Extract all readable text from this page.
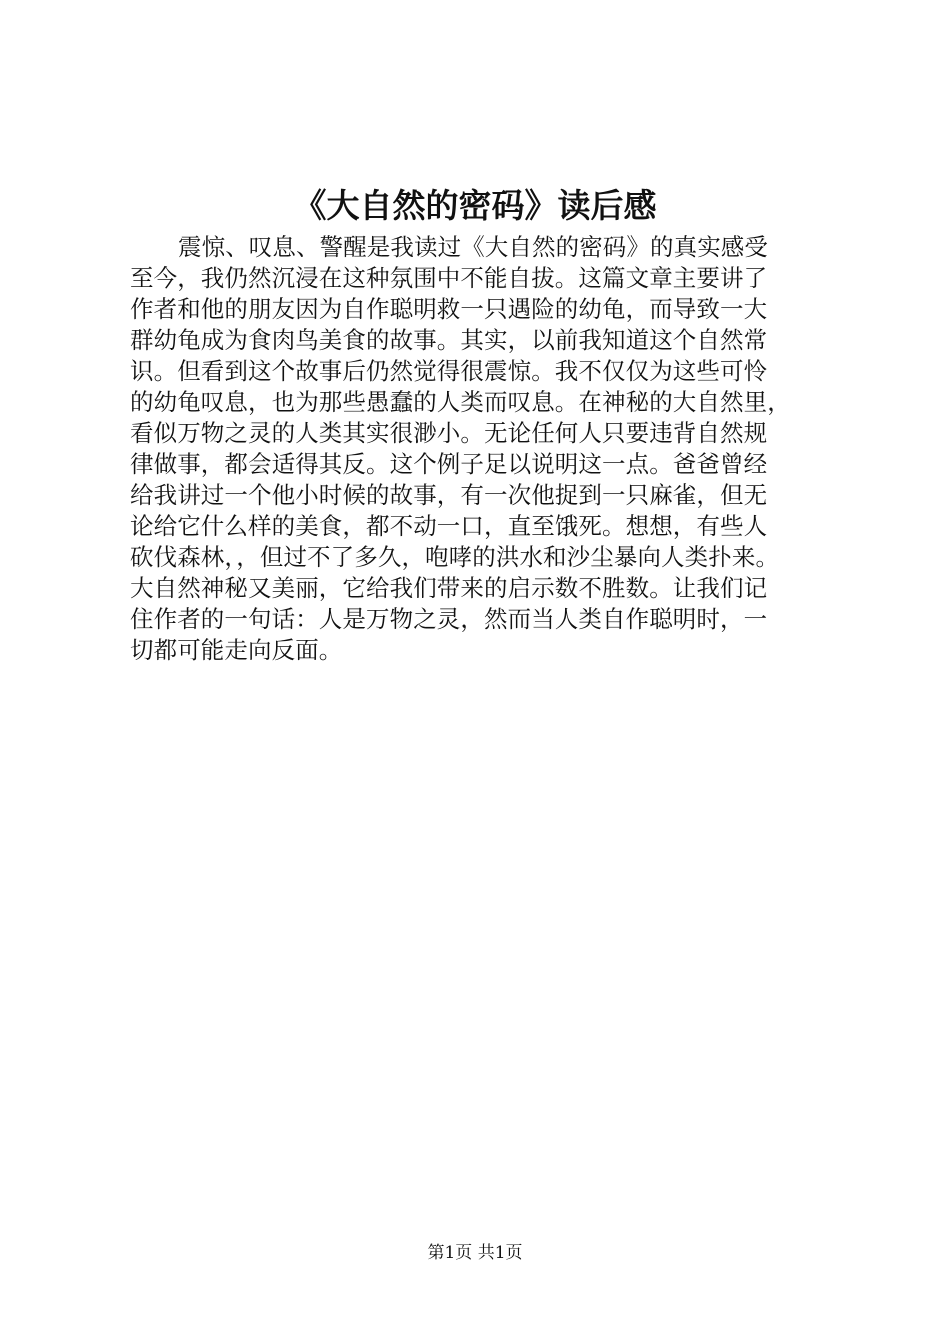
《大自然的密码》读后感
震惊、叹息、警醒是我读过《大自然的密码》的真实感受
至今，我仍然沉浸在这种氛围中不能自拔。这篇文章主要讲了
作者和他的朋友因为自作聪明救一只遇险的幼龟，而导致一大
群幼龟成为食肉鸟美食的故事。其实，以前我知道这个自然常
识。但看到这个故事后仍然觉得很震惊。我不仅仅为这些可怜
的幼龟叹息，也为那些愚蠢的人类而叹息。在神秘的大自然里，
看似万物之灵的人类其实很渺小。无论任何人只要违背自然规
律做事，都会适得其反。这个例子足以说明这一点。爸爸曾经
给我讲过一个他小时候的故事，有一次他捉到一只麻雀，但无
论给它什么样的美食，都不动一口，直至饿死。想想，有些人
砍伐森林，，但过不了多久，咆哮的洪水和沙尘暴向人类扑来。
大自然神秘又美丽，它给我们带来的启示数不胜数。让我们记
住作者的一句话：人是万物之灵，然而当人类自作聪明时，一
切都可能走向反面。
第1页 共1页
